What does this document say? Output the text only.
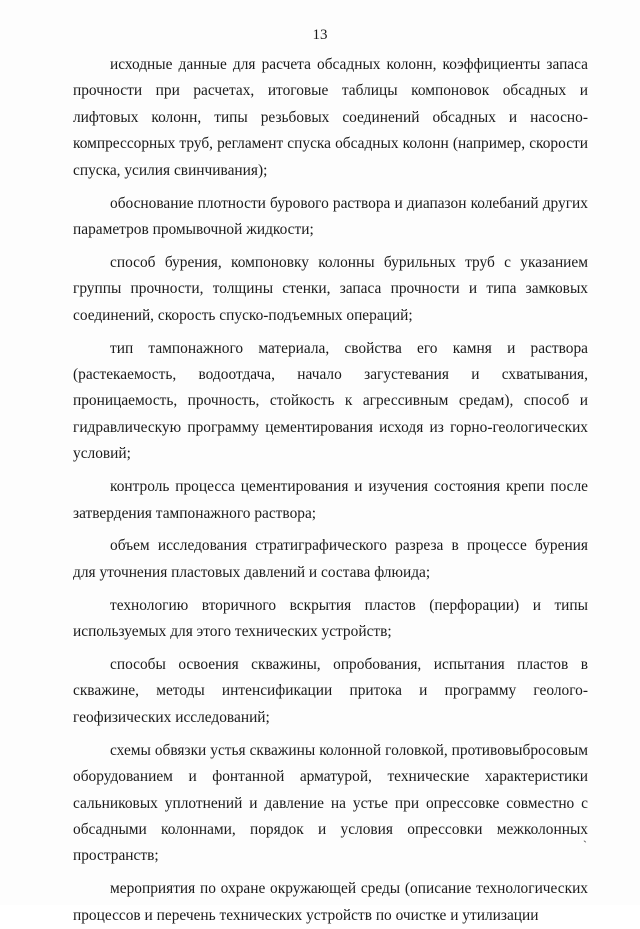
13

исходные данные для расчета обсадных колонн, коэффициенты запаса прочности при расчетах, итоговые таблицы компоновок обсадных и лифтовых колонн, типы резьбовых соединений обсадных и насосно-компрессорных труб, регламент спуска обсадных колонн (например, скорости спуска, усилия свинчивания);

обоснование плотности бурового раствора и диапазон колебаний других параметров промывочной жидкости;

способ бурения, компоновку колонны бурильных труб с указанием группы прочности, толщины стенки, запаса прочности и типа замковых соединений, скорость спуско-подъемных операций;

тип тампонажного материала, свойства его камня и раствора (растекаемость, водоотдача, начало загустевания и схватывания, проницаемость, прочность, стойкость к агрессивным средам), способ и гидравлическую программу цементирования исходя из горно-геологических условий;

контроль процесса цементирования и изучения состояния крепи после затвердения тампонажного раствора;

объем исследования стратиграфического разреза в процессе бурения для уточнения пластовых давлений и состава флюида;

технологию вторичного вскрытия пластов (перфорации) и типы используемых для этого технических устройств;

способы освоения скважины, опробования, испытания пластов в скважине, методы интенсификации притока и программу геолого-геофизических исследований;

схемы обвязки устья скважины колонной головкой, противовыбросовым оборудованием и фонтанной арматурой, технические характеристики сальниковых уплотнений и давление на устье при опрессовке совместно с обсадными колоннами, порядок и условия опрессовки межколонных пространств;

мероприятия по охране окружающей среды (описание технологических процессов и перечень технических устройств по очистке и утилизации

`
